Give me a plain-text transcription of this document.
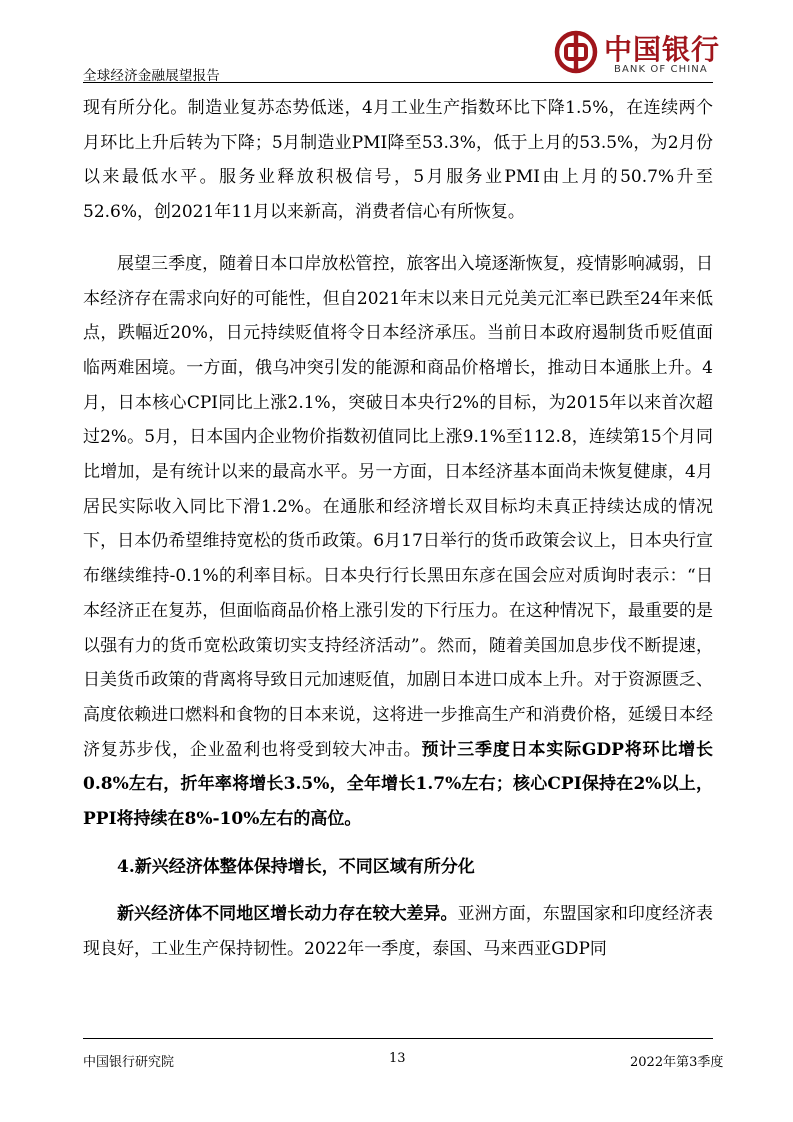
全球经济金融展望报告
中国银行
BANK OF CHINA

现有所分化。制造业复苏态势低迷，4月工业生产指数环比下降1.5%，在连续两个月环比上升后转为下降；5月制造业PMI降至53.3%，低于上月的53.5%，为2月份以来最低水平。服务业释放积极信号，5月服务业PMI由上月的50.7%升至52.6%，创2021年11月以来新高，消费者信心有所恢复。

展望三季度，随着日本口岸放松管控，旅客出入境逐渐恢复，疫情影响减弱，日本经济存在需求向好的可能性，但自2021年末以来日元兑美元汇率已跌至24年来低点，跌幅近20%，日元持续贬值将令日本经济承压。当前日本政府遏制货币贬值面临两难困境。一方面，俄乌冲突引发的能源和商品价格增长，推动日本通胀上升。4月，日本核心CPI同比上涨2.1%，突破日本央行2%的目标，为2015年以来首次超过2%。5月，日本国内企业物价指数初值同比上涨9.1%至112.8，连续第15个月同比增加，是有统计以来的最高水平。另一方面，日本经济基本面尚未恢复健康，4月居民实际收入同比下滑1.2%。在通胀和经济增长双目标均未真正持续达成的情况下，日本仍希望维持宽松的货币政策。6月17日举行的货币政策会议上，日本央行宣布继续维持-0.1%的利率目标。日本央行行长黑田东彦在国会应对质询时表示：“日本经济正在复苏，但面临商品价格上涨引发的下行压力。在这种情况下，最重要的是以强有力的货币宽松政策切实支持经济活动”。然而，随着美国加息步伐不断提速，日美货币政策的背离将导致日元加速贬值，加剧日本进口成本上升。对于资源匮乏、高度依赖进口燃料和食物的日本来说，这将进一步推高生产和消费价格，延缓日本经济复苏步伐，企业盈利也将受到较大冲击。预计三季度日本实际GDP将环比增长0.8%左右，折年率将增长3.5%，全年增长1.7%左右；核心CPI保持在2%以上，PPI将持续在8%-10%左右的高位。

4.新兴经济体整体保持增长，不同区域有所分化

新兴经济体不同地区增长动力存在较大差异。亚洲方面，东盟国家和印度经济表现良好，工业生产保持韧性。2022年一季度，泰国、马来西亚GDP同

中国银行研究院	13	2022年第3季度
